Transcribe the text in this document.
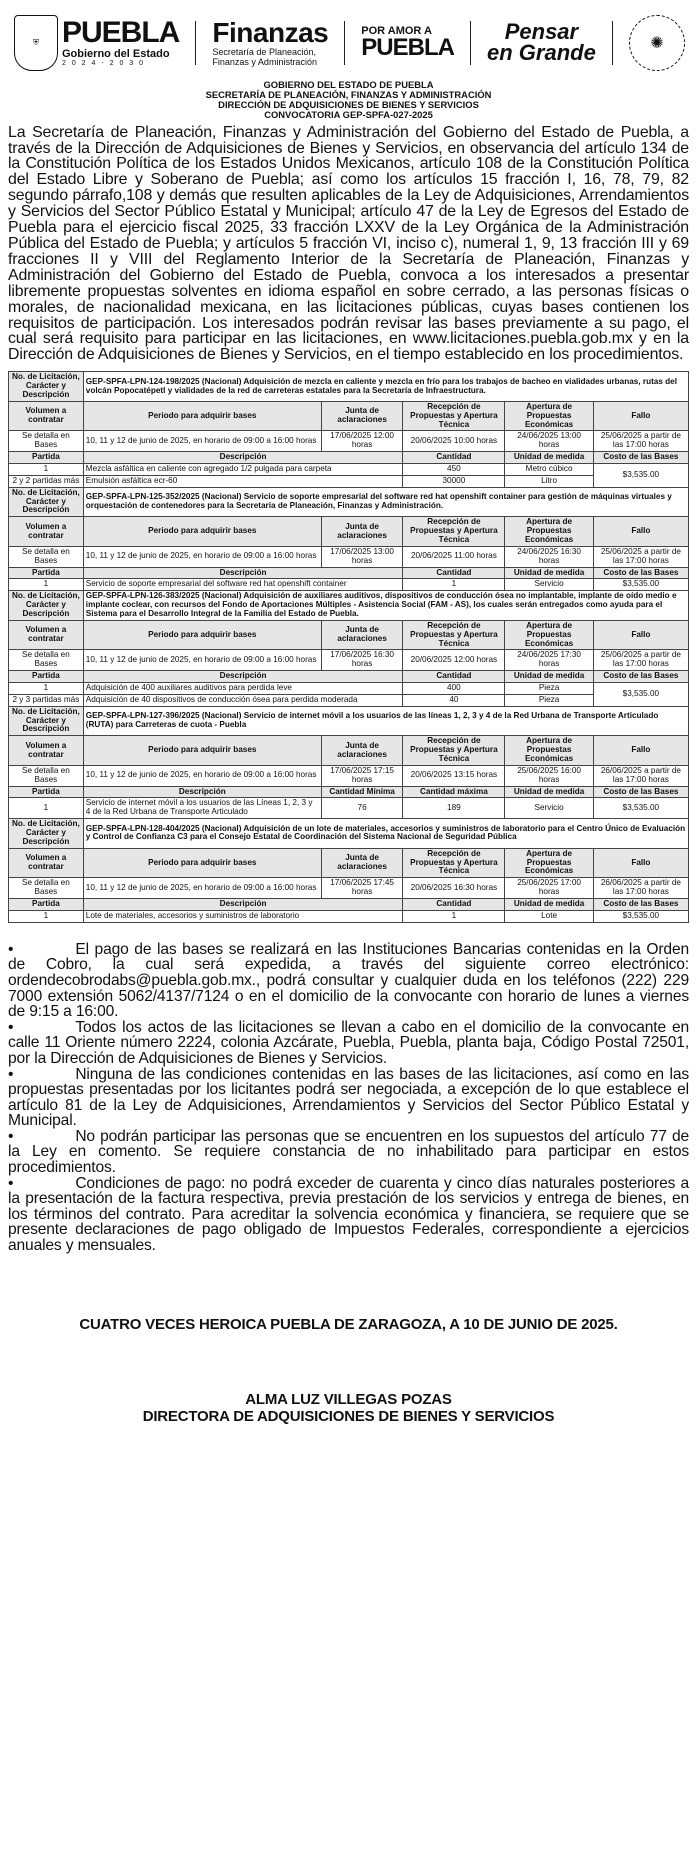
⛨ PUEBLA
Gobierno del Estado
2 0 2 4 - 2 0 3 0
Finanzas
Secretaría de Planeación,
Finanzas y Administración
POR AMOR A
PUEBLA
Pensar
en Grande	✺
GOBIERNO DEL ESTADO DE PUEBLA
SECRETARÍA DE PLANEACIÓN, FINANZAS Y ADMINISTRACIÓN
DIRECCIÓN DE ADQUISICIONES DE BIENES Y SERVICIOS
CONVOCATORIA GEP-SPFA-027-2025

La Secretaría de Planeación, Finanzas y Administración del Gobierno del Estado de Puebla, a través de la Dirección de Adquisiciones de Bienes y Servicios, en observancia del artículo 134 de la Constitución Política de los Estados Unidos Mexicanos, artículo 108 de la Constitución Política del Estado Libre y Soberano de Puebla; así como los artículos 15 fracción I, 16, 78, 79, 82 segundo párrafo,108 y demás que resulten aplicables de la Ley de Adquisiciones, Arrendamientos y Servicios del Sector Público Estatal y Municipal; artículo 47 de la Ley de Egresos del Estado de Puebla para el ejercicio fiscal 2025, 33 fracción LXXV de la Ley Orgánica de la Administración Pública del Estado de Puebla; y artículos 5 fracción VI, inciso c), numeral 1, 9, 13 fracción III y 69 fracciones II y VIII del Reglamento Interior de la Secretaría de Planeación, Finanzas y Administración del Gobierno del Estado de Puebla, convoca a los interesados a presentar libremente propuestas solventes en idioma español en sobre cerrado, a las personas físicas o morales, de nacionalidad mexicana, en las licitaciones públicas, cuyas bases contienen los requisitos de participación. Los interesados podrán revisar las bases previamente a su pago, el cual será requisito para participar en las licitaciones, en www.licitaciones.puebla.gob.mx y en la Dirección de Adquisiciones de Bienes y Servicios, en el tiempo establecido en los procedimientos.

No. de Licitación, Carácter y Descripción	GEP-SPFA-LPN-124-198/2025 (Nacional) Adquisición de mezcla en caliente y mezcla en frío para los trabajos de bacheo en vialidades urbanas, rutas del volcán Popocatépetl y vialidades de la red de carreteras estatales para la Secretaría de Infraestructura.				
Volumen a contratar	Periodo para adquirir bases	Junta de aclaraciones	Recepción de Propuestas y Apertura Técnica	Apertura de Propuestas Económicas	Fallo
Se detalla en Bases	10, 11 y 12 de junio de 2025, en horario de 09:00 a 16:00 horas	17/06/2025 12:00 horas	20/06/2025 10:00 horas	24/06/2025 13:00 horas	25/06/2025 a partir de las 17:00 horas
Partida	Descripción		Cantidad	Unidad de medida	Costo de las Bases
1	Mezcla asfáltica en caliente con agregado 1/2 pulgada para carpeta		450	Metro cúbico	$3,535.00
2 y 2 partidas más	Emulsión asfáltica ecr-60		30000	Litro	
No. de Licitación, Carácter y Descripción	GEP-SPFA-LPN-125-352/2025 (Nacional) Servicio de soporte empresarial del software red hat openshift container para gestión de máquinas virtuales y orquestación de contenedores para la Secretaría de Planeación, Finanzas y Administración.				
Volumen a contratar	Periodo para adquirir bases	Junta de aclaraciones	Recepción de Propuestas y Apertura Técnica	Apertura de Propuestas Económicas	Fallo
Se detalla en Bases	10, 11 y 12 de junio de 2025, en horario de 09:00 a 16:00 horas	17/06/2025 13:00 horas	20/06/2025 11:00 horas	24/06/2025 16:30 horas	25/06/2025 a partir de las 17:00 horas
Partida	Descripción		Cantidad	Unidad de medida	Costo de las Bases
1	Servicio de soporte empresarial del software red hat openshift container		1	Servicio	$3,535.00
No. de Licitación, Carácter y Descripción	GEP-SPFA-LPN-126-383/2025 (Nacional) Adquisición de auxiliares auditivos, dispositivos de conducción ósea no implantable, implante de oído medio e implante coclear, con recursos del Fondo de Aportaciones Múltiples - Asistencia Social (FAM - AS), los cuales serán entregados como ayuda para el Sistema para el Desarrollo Integral de la Familia del Estado de Puebla.				
Volumen a contratar	Periodo para adquirir bases	Junta de aclaraciones	Recepción de Propuestas y Apertura Técnica	Apertura de Propuestas Económicas	Fallo
Se detalla en Bases	10, 11 y 12 de junio de 2025, en horario de 09:00 a 16:00 horas	17/06/2025 16:30 horas	20/06/2025 12:00 horas	24/06/2025 17:30 horas	25/06/2025 a partir de las 17:00 horas
Partida	Descripción		Cantidad	Unidad de medida	Costo de las Bases
1	Adquisición de 400 auxiliares auditivos para perdida leve		400	Pieza	$3,535.00
2 y 3 partidas más	Adquisición de 40 dispositivos de conducción ósea para perdida moderada		40	Pieza	
No. de Licitación, Carácter y Descripción	GEP-SPFA-LPN-127-396/2025 (Nacional) Servicio de internet móvil a los usuarios de las líneas 1, 2, 3 y 4 de la Red Urbana de Transporte Articulado (RUTA) para Carreteras de cuota - Puebla				
Volumen a contratar	Periodo para adquirir bases	Junta de aclaraciones	Recepción de Propuestas y Apertura Técnica	Apertura de Propuestas Económicas	Fallo
Se detalla en Bases	10, 11 y 12 de junio de 2025, en horario de 09:00 a 16:00 horas	17/06/2025 17:15 horas	20/06/2025 13:15 horas	25/06/2025 16:00 horas	26/06/2025 a partir de las 17:00 horas
Partida	Descripción	Cantidad Mínima	Cantidad máxima	Unidad de medida	Costo de las Bases
1	Servicio de internet móvil a los usuarios de las Líneas 1, 2, 3 y 4 de la Red Urbana de Transporte Articulado	76	189	Servicio	$3,535.00
No. de Licitación, Carácter y Descripción	GEP-SPFA-LPN-128-404/2025 (Nacional) Adquisición de un lote de materiales, accesorios y suministros de laboratorio para el Centro Único de Evaluación y Control de Confianza C3 para el Consejo Estatal de Coordinación del Sistema Nacional de Seguridad Pública				
Volumen a contratar	Periodo para adquirir bases	Junta de aclaraciones	Recepción de Propuestas y Apertura Técnica	Apertura de Propuestas Económicas	Fallo
Se detalla en Bases	10, 11 y 12 de junio de 2025, en horario de 09:00 a 16:00 horas	17/06/2025 17:45 horas	20/06/2025 16:30 horas	25/06/2025 17:00 horas	26/06/2025 a partir de las 17:00 horas
Partida	Descripción		Cantidad	Unidad de medida	Costo de las Bases
1	Lote de materiales, accesorios y suministros de laboratorio		1	Lote	$3,535.00

•	El pago de las bases se realizará en las Instituciones Bancarias contenidas en la Orden de Cobro, la cual será expedida, a través del siguiente correo electrónico: ordendecobrodabs@puebla.gob.mx., podrá consultar y cualquier duda en los teléfonos (222) 229 7000 extensión 5062/4137/7124 o en el domicilio de la convocante con horario de lunes a viernes de 9:15 a 16:00.

•	Todos los actos de las licitaciones se llevan a cabo en el domicilio de la convocante en calle 11 Oriente número 2224, colonia Azcárate, Puebla, Puebla, planta baja, Código Postal 72501, por la Dirección de Adquisiciones de Bienes y Servicios.

•	Ninguna de las condiciones contenidas en las bases de las licitaciones, así como en las propuestas presentadas por los licitantes podrá ser negociada, a excepción de lo que establece el artículo 81 de la Ley de Adquisiciones, Arrendamientos y Servicios del Sector Público Estatal y Municipal.

•	No podrán participar las personas que se encuentren en los supuestos del artículo 77 de la Ley en comento. Se requiere constancia de no inhabilitado para participar en estos procedimientos.

•	Condiciones de pago: no podrá exceder de cuarenta y cinco días naturales posteriores a la presentación de la factura respectiva, previa prestación de los servicios y entrega de bienes, en los términos del contrato. Para acreditar la solvencia económica y financiera, se requiere que se presente declaraciones de pago obligado de Impuestos Federales, correspondiente a ejercicios anuales y mensuales.

CUATRO VECES HEROICA PUEBLA DE ZARAGOZA, A 10 DE JUNIO DE 2025.
ALMA LUZ VILLEGAS POZAS
DIRECTORA DE ADQUISICIONES DE BIENES Y SERVICIOS
